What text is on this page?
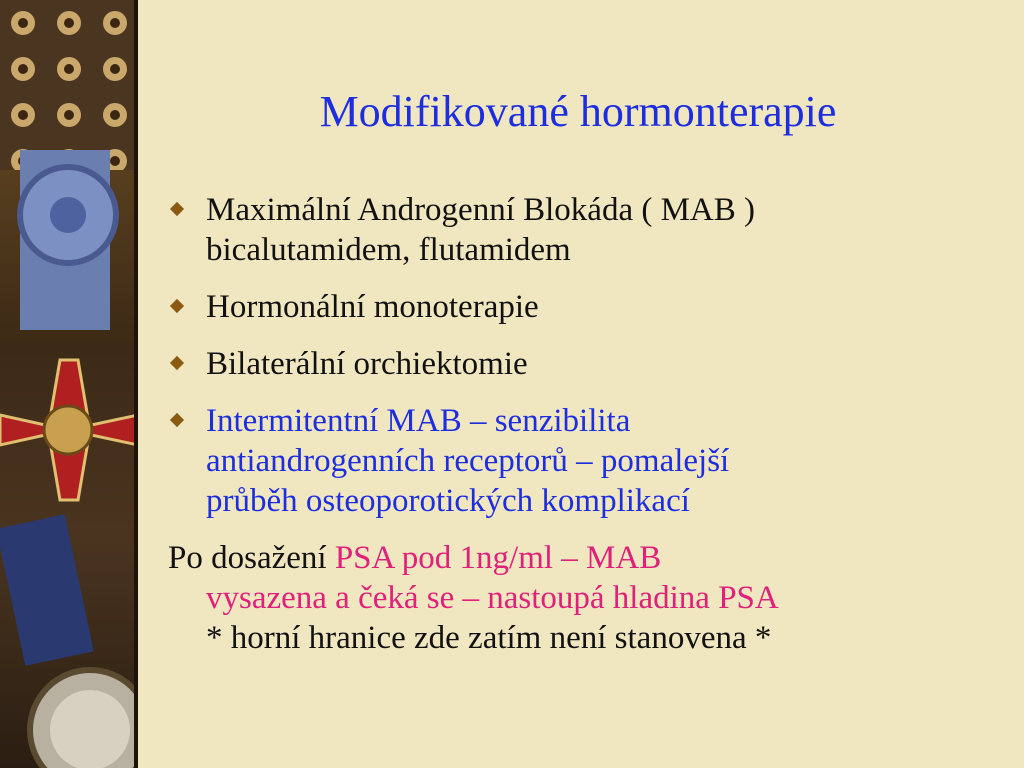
Modifikované hormonterapie
Maximální Androgenní Blokáda ( MAB )
bicalutamidem, flutamidem
Hormonální monoterapie
Bilaterální orchiektomie
Intermitentní MAB – senzibilita
antiandrogenních receptorů – pomalejší
průběh osteoporotických komplikací
Po dosažení PSA pod 1ng/ml – MAB
vysazena a čeká se – nastoupá hladina PSA
* horní hranice zde zatím není stanovena *
